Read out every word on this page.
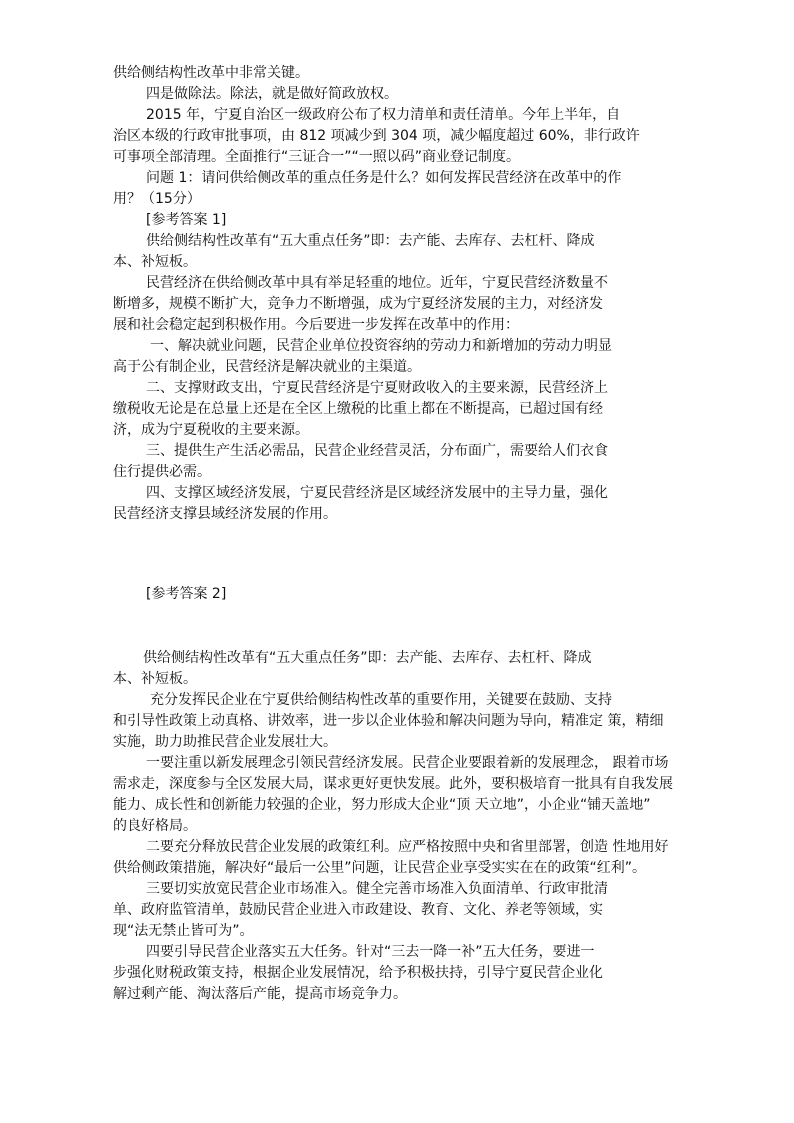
供给侧结构性改革中非常关键。
四是做除法。除法，就是做好简政放权。
2015 年，宁夏自治区一级政府公布了权力清单和责任清单。今年上半年，自
治区本级的行政审批事项，由 812 项减少到 304 项，减少幅度超过 60%，非行政许
可事项全部清理。全面推行“三证合一”“一照以码”商业登记制度。
问题 1：请问供给侧改革的重点任务是什么？如何发挥民营经济在改革中的作
用？（15分）
[参考答案 1]
供给侧结构性改革有“五大重点任务”即：去产能、去库存、去杠杆、降成
本、补短板。
民营经济在供给侧改革中具有举足轻重的地位。近年，宁夏民营经济数量不
断增多，规模不断扩大，竞争力不断增强，成为宁夏经济发展的主力，对经济发
展和社会稳定起到积极作用。今后要进一步发挥在改革中的作用：
一、解决就业问题，民营企业单位投资容纳的劳动力和新增加的劳动力明显
高于公有制企业，民营经济是解决就业的主渠道。
二、支撑财政支出，宁夏民营经济是宁夏财政收入的主要来源，民营经济上
缴税收无论是在总量上还是在全区上缴税的比重上都在不断提高，已超过国有经
济，成为宁夏税收的主要来源。
三、提供生产生活必需品，民营企业经营灵活，分布面广，需要给人们衣食
住行提供必需。
四、支撑区域经济发展，宁夏民营经济是区域经济发展中的主导力量，强化
民营经济支撑县域经济发展的作用。
[参考答案 2]
供给侧结构性改革有“五大重点任务”即：去产能、去库存、去杠杆、降成
本、补短板。
充分发挥民企业在宁夏供给侧结构性改革的重要作用，关键要在鼓励、支持
和引导性政策上动真格、讲效率，进一步以企业体验和解决问题为导向，精准定 策，精细
实施，助力助推民营企业发展壮大。
一要注重以新发展理念引领民营经济发展。民营企业要跟着新的发展理念， 跟着市场
需求走，深度参与全区发展大局，谋求更好更快发展。此外，要积极培育一批具有自我发展
能力、成长性和创新能力较强的企业，努力形成大企业“顶 天立地”，小企业“铺天盖地”
的良好格局。
二要充分释放民营企业发展的政策红利。应严格按照中央和省里部署，创造 性地用好
供给侧政策措施，解决好“最后一公里”问题，让民营企业享受实实在在的政策“红利”。
三要切实放宽民营企业市场准入。健全完善市场准入负面清单、行政审批清
单、政府监管清单，鼓励民营企业进入市政建设、教育、文化、养老等领域，实
现“法无禁止皆可为”。
四要引导民营企业落实五大任务。针对“三去一降一补”五大任务，要进一
步强化财税政策支持，根据企业发展情况，给予积极扶持，引导宁夏民营企业化
解过剩产能、淘汰落后产能，提高市场竞争力。
